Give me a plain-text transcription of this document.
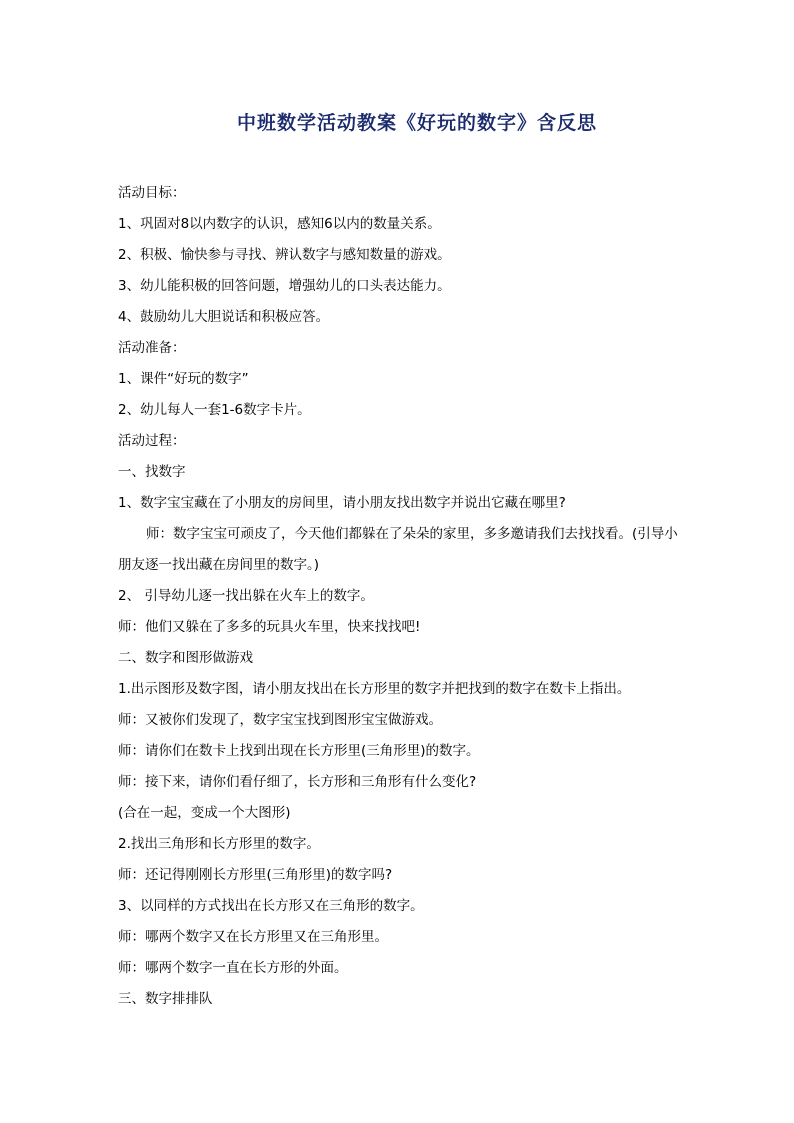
中班数学活动教案《好玩的数字》含反思

活动目标：

1、巩固对8以内数字的认识，感知6以内的数量关系。

2、积极、愉快参与寻找、辨认数字与感知数量的游戏。

3、幼儿能积极的回答问题，增强幼儿的口头表达能力。

4、鼓励幼儿大胆说话和积极应答。

活动准备：

1、课件“好玩的数字”

2、幼儿每人一套1-6数字卡片。

活动过程：

一、找数字

1、数字宝宝藏在了小朋友的房间里，请小朋友找出数字并说出它藏在哪里?

师：数字宝宝可顽皮了，今天他们都躲在了朵朵的家里，多多邀请我们去找找看。(引导小朋友逐一找出藏在房间里的数字。)

2、 引导幼儿逐一找出躲在火车上的数字。

师：他们又躲在了多多的玩具火车里，快来找找吧!

二、数字和图形做游戏

1.出示图形及数字图，请小朋友找出在长方形里的数字并把找到的数字在数卡上指出。

师：又被你们发现了，数字宝宝找到图形宝宝做游戏。

师：请你们在数卡上找到出现在长方形里(三角形里)的数字。

师：接下来，请你们看仔细了，长方形和三角形有什么变化?

(合在一起，变成一个大图形)

2.找出三角形和长方形里的数字。

师：还记得刚刚长方形里(三角形里)的数字吗?

3、以同样的方式找出在长方形又在三角形的数字。

师：哪两个数字又在长方形里又在三角形里。

师：哪两个数字一直在长方形的外面。

三、数字排排队
